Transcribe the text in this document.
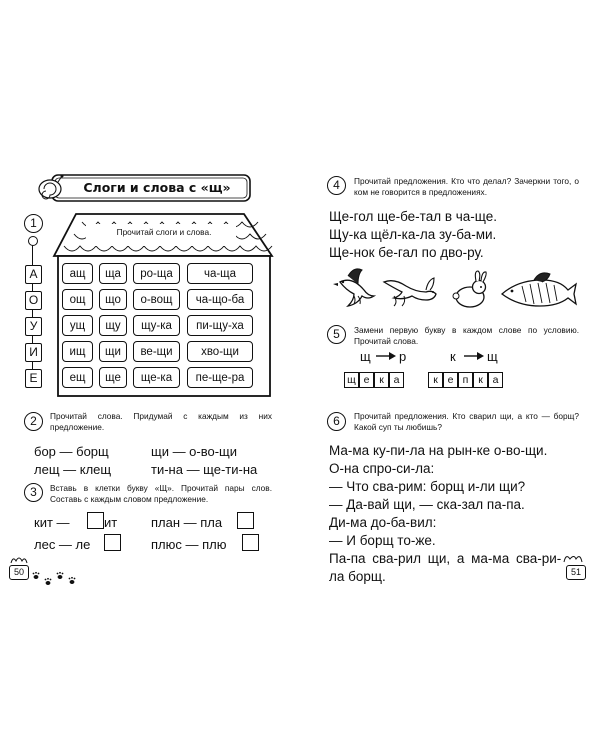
Слоги и слова с «щ»
1
Прочитай слоги и слова.
А
О
У
И
Е
ащ	ща	ро-ща	ча-ща
ощ	що	о-вощ	ча-що-ба
ущ	щу	щу-ка	пи-щу-ха
ищ	щи	ве-щи	хво-щи
ещ	ще	ще-ка	пе-ще-ра
2	Прочитай слова. Придумай с каждым из них предложение.
бор — борщ	щи — о-во-щи
лещ — клещ	ти-на — ще-ти-на
3	Вставь в клетки букву «Щ». Прочитай пары слов. Составь с каждым словом предложение.
кит —	ит	план — пла
лес — ле	плюс — плю
50
4	Прочитай предложения. Кто что делал? Зачеркни того, о ком не говорится в предложениях.
Ще-гол ще-бе-тал в ча-ще.
Щу-ка щёл-ка-ла зу-ба-ми.
Ще-нок бе-гал по дво-ру.
5	Замени первую букву в каждом слове по условию. Прочитай слова.
щ р	к щ
щ е к а	к е п к а
6	Прочитай предложения. Кто сварил щи, а кто — борщ? Какой суп ты любишь?
Ма-ма ку-пи-ла на рын-ке о-во-щи.
О-на спро-си-ла:
— Что сва-рим: борщ и-ли щи?
— Да-вай щи, — ска-зал па-па.
Ди-ма до-ба-вил:
— И борщ то-же.
Па-па сва-рил щи, а ма-ма сва-ри-
ла борщ.	51
